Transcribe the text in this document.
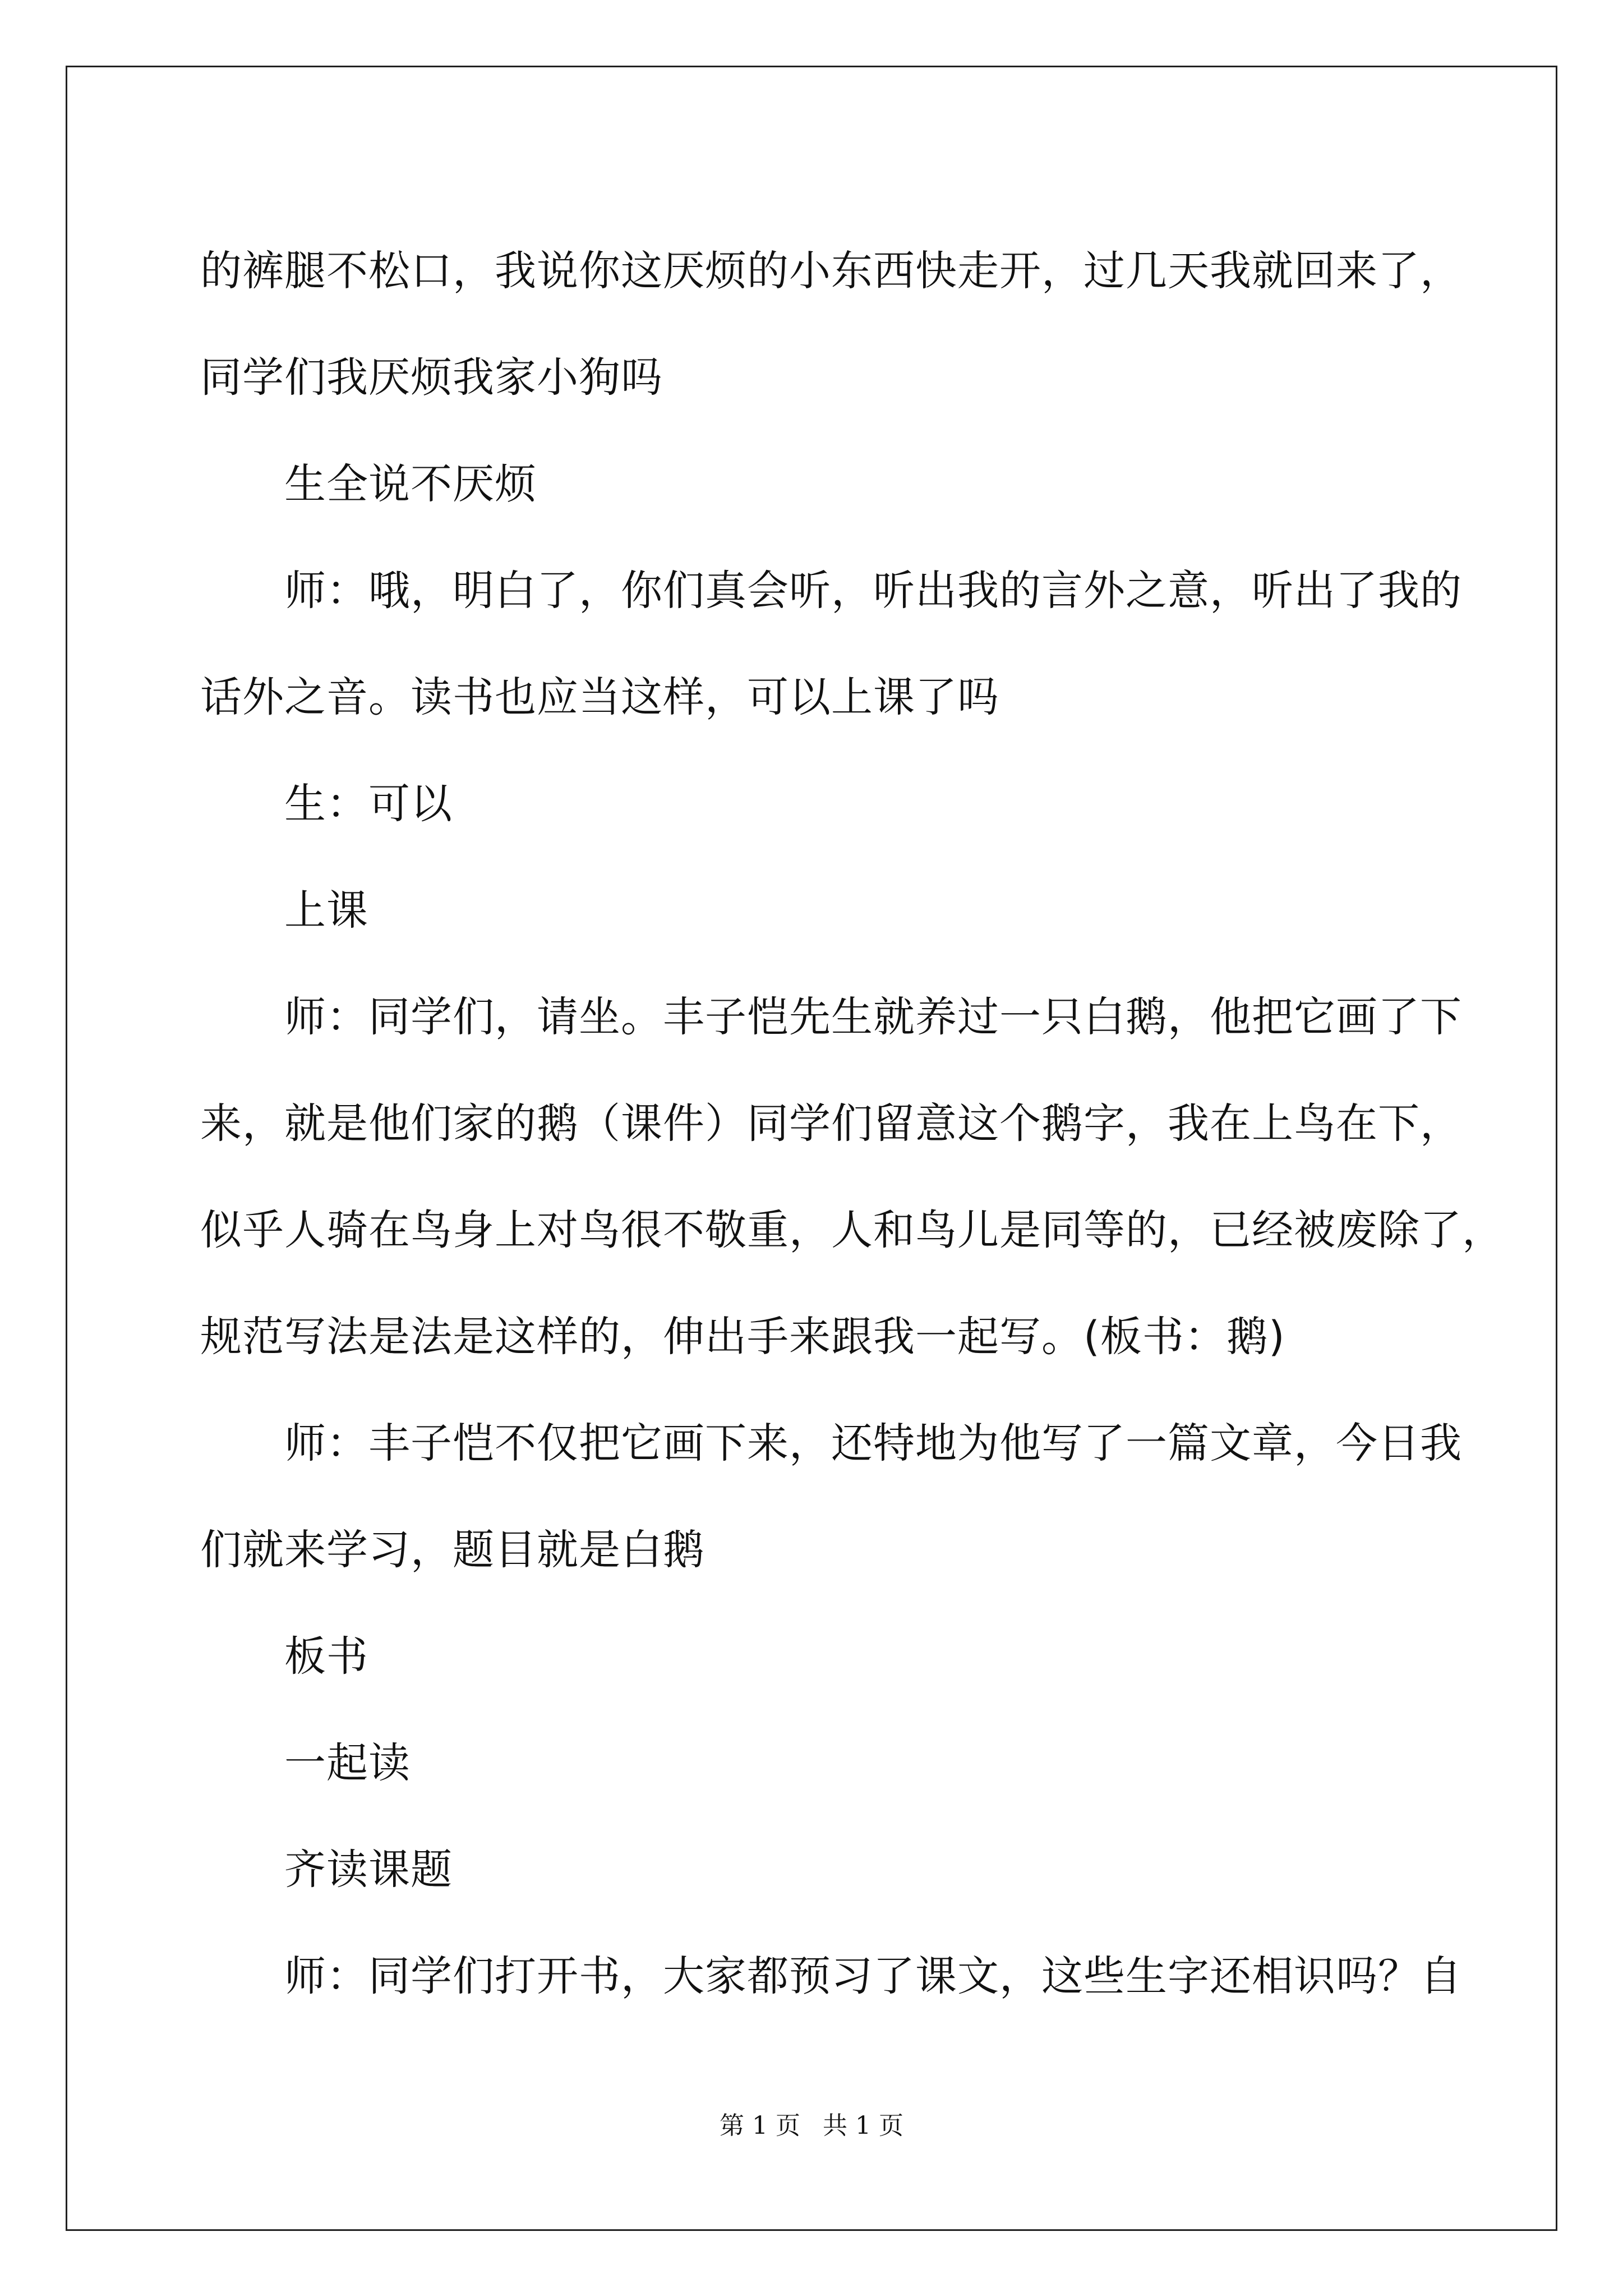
的裤腿不松口，我说你这厌烦的小东西快走开，过几天我就回来了，
同学们我厌烦我家小狗吗
生全说不厌烦
师：哦，明白了，你们真会听，听出我的言外之意，听出了我的
话外之音。读书也应当这样，可以上课了吗
生：可以
上课
师：同学们，请坐。丰子恺先生就养过一只白鹅，他把它画了下
来，就是他们家的鹅（课件）同学们留意这个鹅字，我在上鸟在下，
似乎人骑在鸟身上对鸟很不敬重，人和鸟儿是同等的，已经被废除了，
规范写法是法是这样的，伸出手来跟我一起写。(板书：鹅)
师：丰子恺不仅把它画下来，还特地为他写了一篇文章，今日我
们就来学习，题目就是白鹅
板书
一起读
齐读课题
师：同学们打开书，大家都预习了课文，这些生字还相识吗？自
第 1 页 共 1 页
